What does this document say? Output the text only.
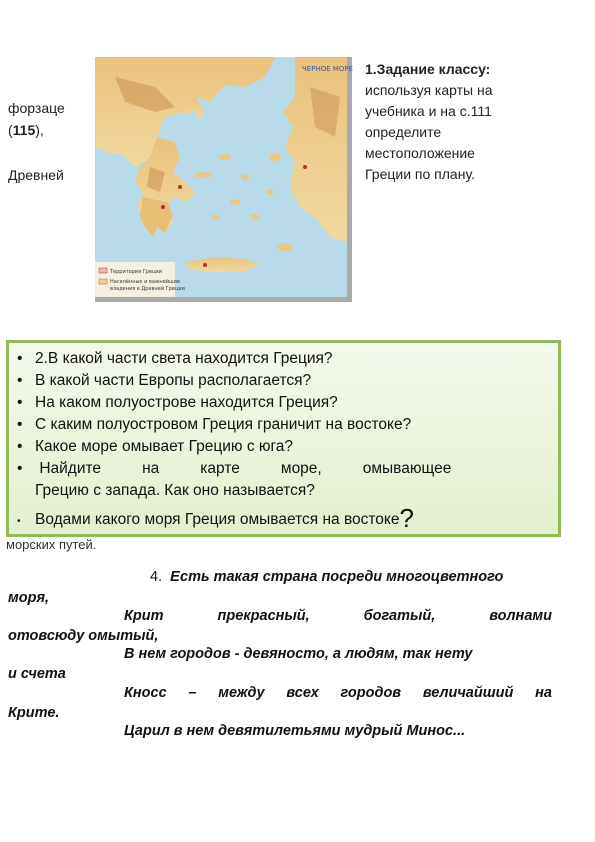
форзаце
(115),
Древней
ЧЕРНОЕ МОРЕ
Территория Греции
Населённые и важнейшие
владения в Древней Греции
1.Задание классу:
используя карты на
учебника и на с.111
определите
местоположение
Греции по плану.
морских путей.
• 2.В какой части света находится Греция?
• В какой части Европы располагается?
• На каком полуострове находится Греция?
• С каким полуостровом Греция граничит на востоке?
• Какое море омывает Грецию с юга?
• Найдите	на	карте	море,	омывающее
Грецию с запада. Как оно называется?
• Водами какого моря Греция омывается на востоке?
4. Есть такая страна посреди многоцветного
моря,
Крит	прекрасный,	богатый,	волнами
отовсюду омытый,
В нем городов - девяносто, а людям, так нету
и счета
Кносс – между всех городов величайший на
Крите.
Царил в нем девятилетьями мудрый Минос...
